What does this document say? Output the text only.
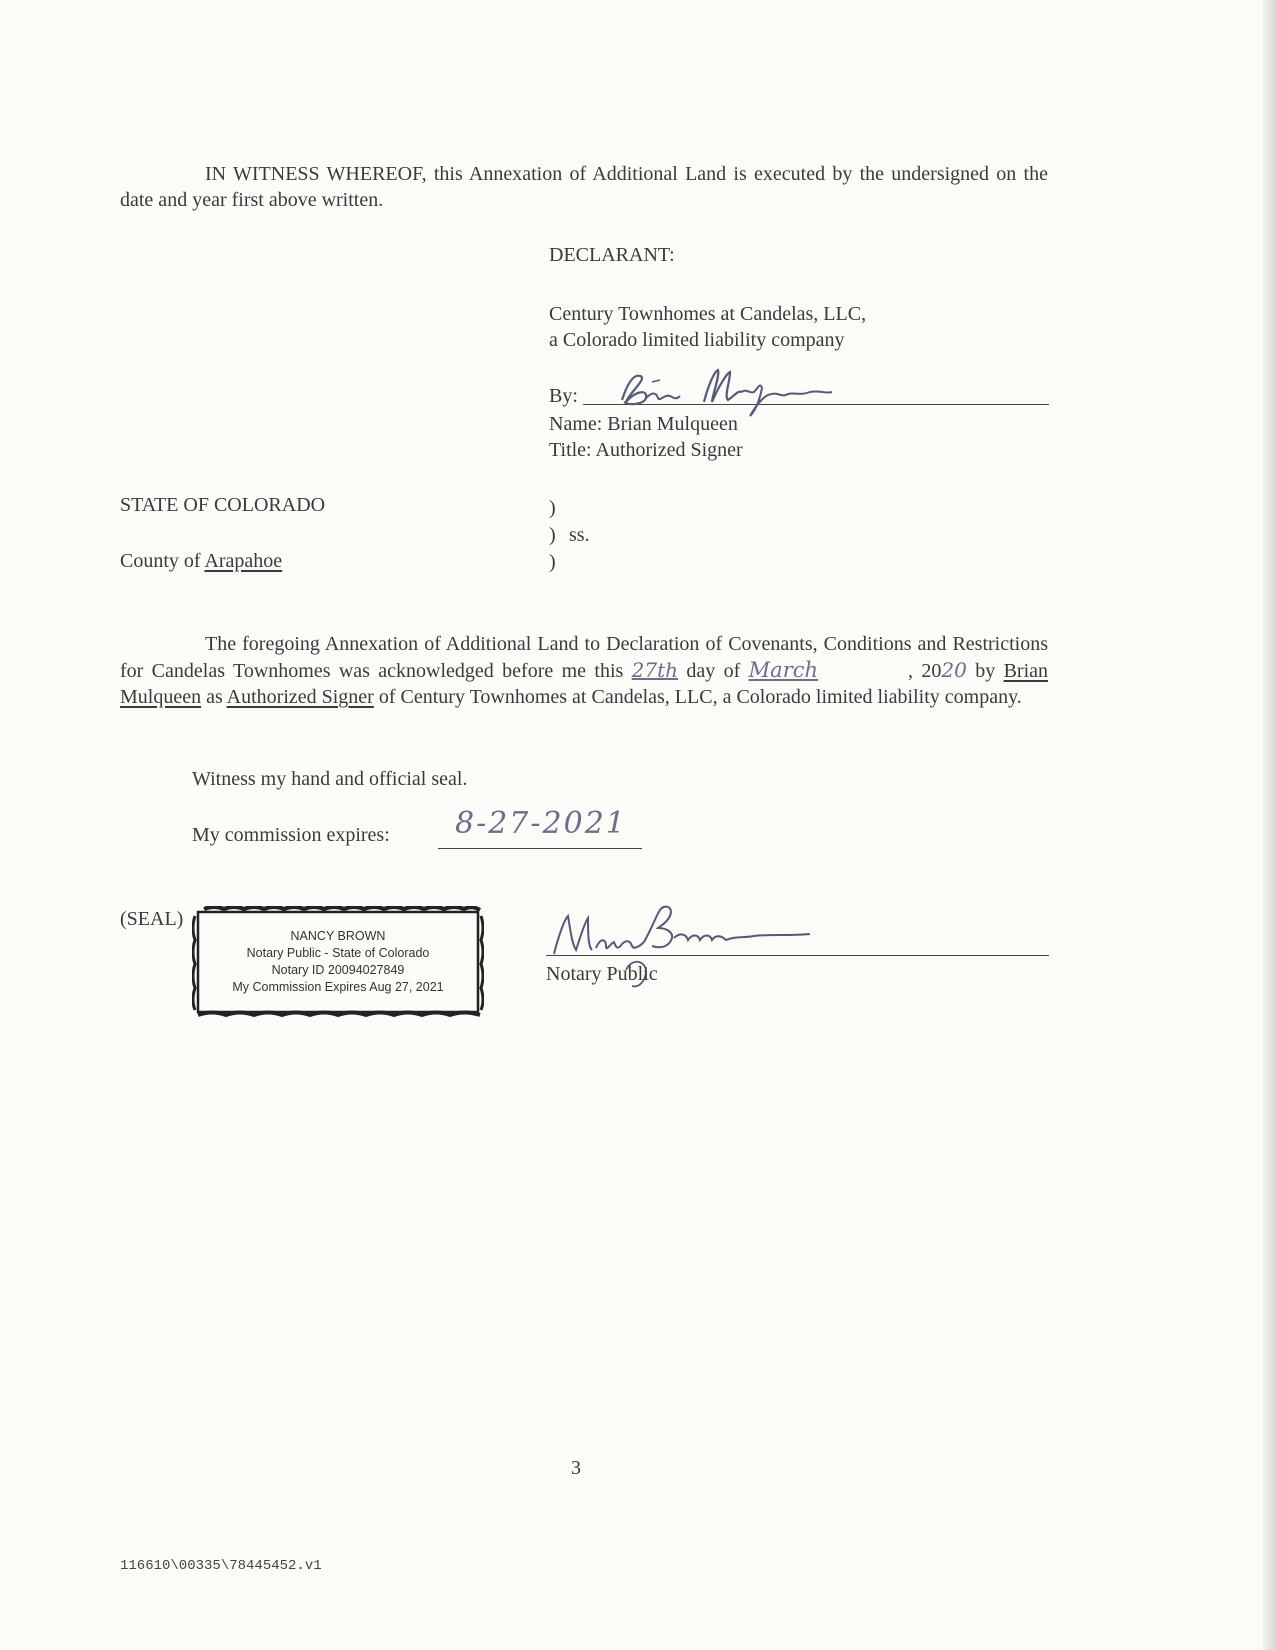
IN WITNESS WHEREOF, this Annexation of Additional Land is executed by the undersigned on the date and year first above written.
DECLARANT:
Century Townhomes at Candelas, LLC,
a Colorado limited liability company
By:
Name: Brian Mulqueen
Title: Authorized Signer
STATE OF COLORADO	)
) ss.
)
County of Arapahoe
The foregoing Annexation of Additional Land to Declaration of Covenants, Conditions and Restrictions for Candelas Townhomes was acknowledged before me this 27th day of March	, 2020 by Brian Mulqueen as Authorized Signer of Century Townhomes at Candelas, LLC, a Colorado limited liability company.
Witness my hand and official seal.
My commission expires: 8-27-2021
(SEAL)
NANCY BROWN
Notary Public - State of Colorado
Notary ID 20094027849
My Commission Expires Aug 27, 2021
Notary Public
3
116610\00335\78445452.v1
